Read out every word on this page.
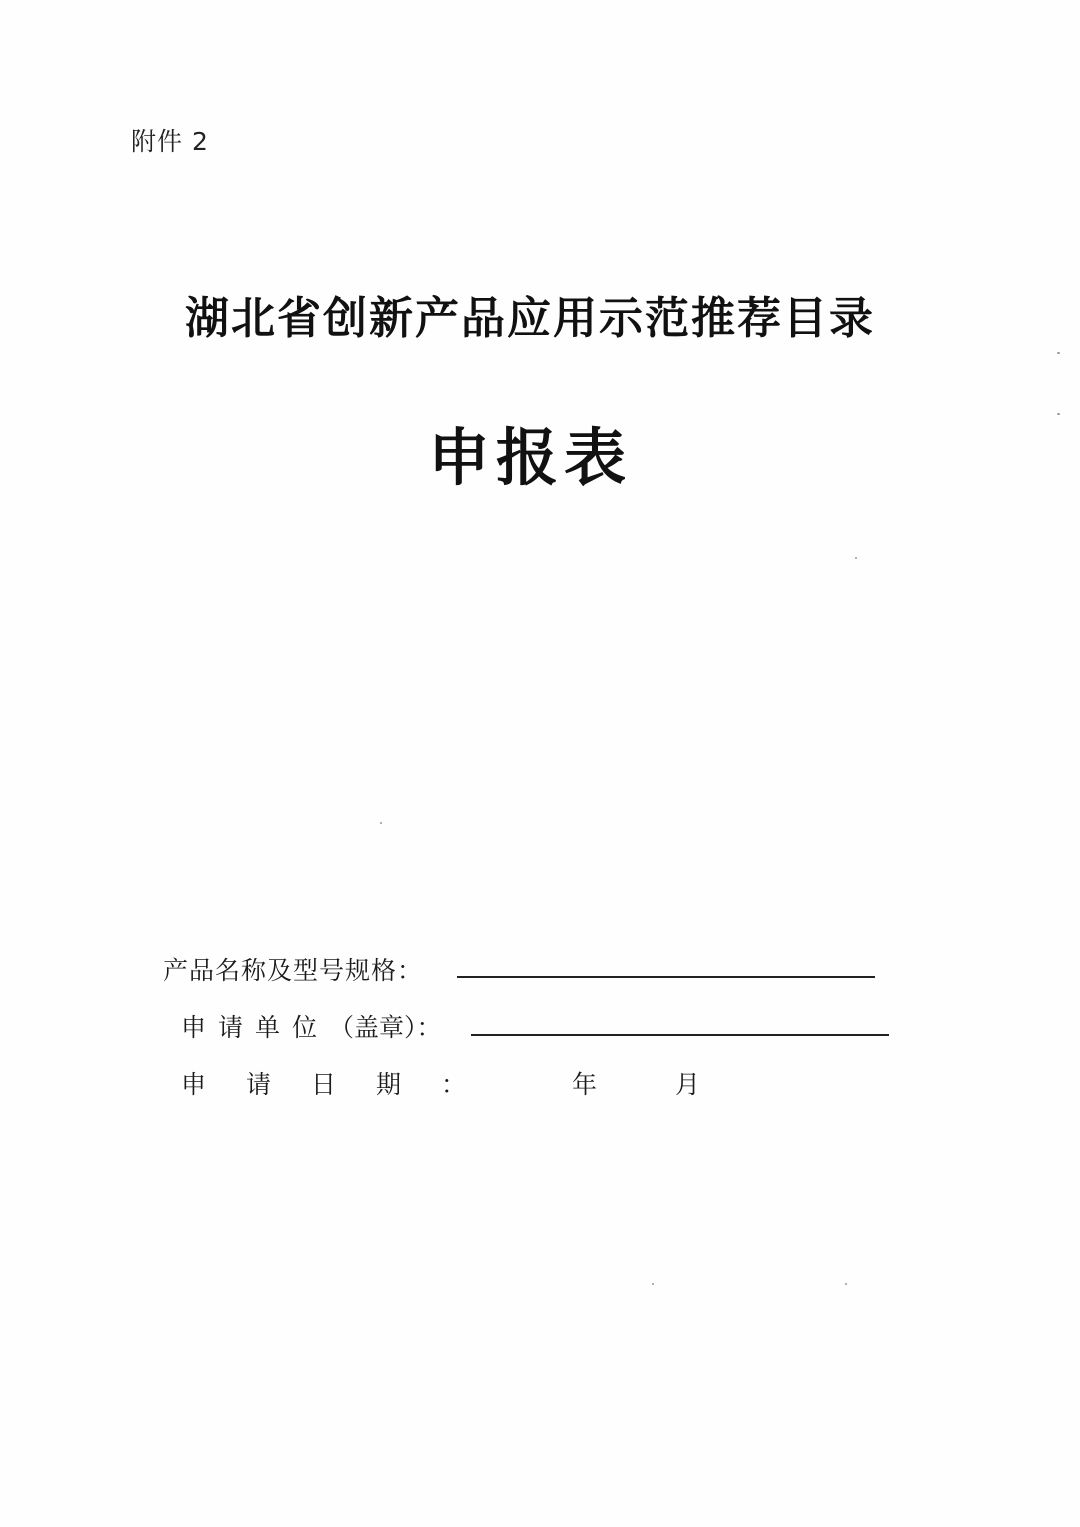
附件 2
湖北省创新产品应用示范推荐目录
申报表
产品名称及型号规格：
申请单位（盖章）：
申请日期：	年	月
